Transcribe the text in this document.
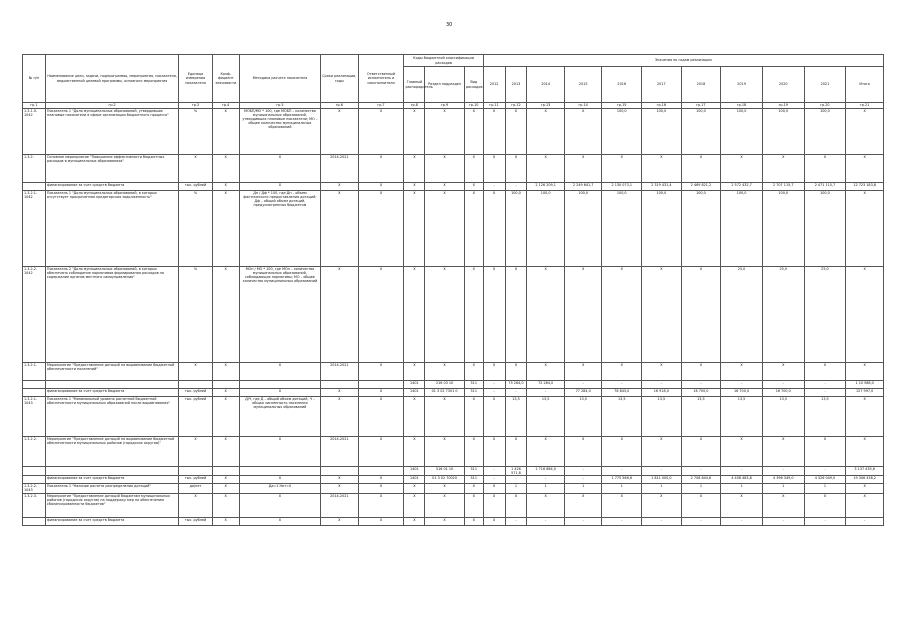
30
№ п/п	Наименование цели, задачи, подпрограммы, мероприятия, показателя, ведомственной целевой программы, основного мероприятия	Единица измерения показателя	Коэф-фициент значимости	Методика расчета показателя	Сроки реализации, годы	Ответственный исполнитель и соисполнители	Коды бюджетной классификации расходов			Значения по годам реализации										
							Главный распорядитель	Раздел подраздел	Вид расходов	2012	2013	2014	2015	2016	2017	2018	2019	2020	2021	Итого
гр.1	гр.2	гр.3	гр.4	гр.5	гр.6	гр.7	гр.8	гр.9	гр.10	гр.11	гр.12	гр.13	гр.14	гр.15	гр.16	гр.17	гр.18	гр.19	гр.20	гр.21
1.3.1.0-1042	Показатель 1 "Доля муниципальных образований, утвердивших плановые показатели в сфере организации бюджетного процесса"	%	X	МОБП/МО * 100, где МОБП – количество муниципальных образований, утвердивших плановые показатели; МО – общее количество муниципальных образований	X	X	X	X	X	X	X	X	X	100,0	100,0	100,0	100,0	100,0	100,0	X
1.3.2.	Основное мероприятие "Повышение эффективности бюджетных расходов в муниципальных образованиях"	X	X	X	2014-2021	X	X	X	X	X	X	X	X	X	X	X	X	X	X	X
	финансирование за счет средств бюджета	тыс. рублей	X	X	X	X	X	X	X	-	-	2 126 209,1	2 249 641,7	2 130 073,1	2 319 431,4	2 469 821,2	2 572 432,7	2 707 115,7	2 471 115,7	12 723 183,8
1.3.2.1-1042	Показатель 1 "Доля муниципальных образований, в которых отсутствует просроченная кредиторская задолженность"	%	X	Дп / Дф * 100, где Дп – объем фактического предоставления дотаций; Дф – общий объем дотаций, предусмотренных бюджетом	X	X	X	X	X	X	100,0	100,0	100,0	100,0	100,0	100,0	100,0	100,0	100,0	X
1.3.2.2-1042	Показатель 2 "Доля муниципальных образований, в которых обеспечено соблюдение нормативов формирования расходов на содержание органов местного самоуправления"	%	X	МОн / МО * 100, где МОн – количество муниципальных образований, соблюдающих нормативы; МО – общее количество муниципальных образований	X	X	X	X	X	X	X	X	X	X	X	X	25,0	25,0	25,0	X
1.3.2.1.	Мероприятие "Предоставление дотаций на выравнивание бюджетной обеспеченности поселений"	X	X	X	2014-2021	X	X	X	X	X	X	X	X	X	X	X	X	X	X	X
							1401	216 03 10	511	-	75 284,0	72 284,0	-	-	-	-	-	-	-	1 10 568,0
	финансирование за счет средств бюджета	тыс. рублей	X	X	X	X	1401	01 3 02 7301 0	511	-	-	-	77 284,0	78 843,0	16 918,0	16 700,0	16 700,0	16 700,0	-	127 997,0
1.3.2.1-1043	Показатель 1 "Минимальный уровень расчетной бюджетной обеспеченности муниципальных образований после выравнивания"	тыс. рублей	X	Д/Ч, где Д – общий объем дотаций, Ч – общая численность населения муниципальных образований	X	X	X	X	X	X	13,5	13,5	13,5	13,5	13,5	13,5	13,5	13,5	13,5	X
1.3.2.2.	Мероприятие "Предоставление дотаций на выравнивание бюджетной обеспеченности муниципальных районов (городских округов)"	X	X	X	2014-2021	X	X	X	X	X	X	X	X	X	X	X	X	X	X	X
							1401	516 01 10	511	-	1 426 571,8	1 716 864,0	-	-	-	-	-	-	-	3 137 435,8
	финансирование за счет средств бюджета	тыс. рублей	X	X	X	X	1401	01 3 02 70020	511	-	-	-	-	1 775 566,6	1 811 000,0	2 708 644,6	4 458 483,8	4 396 349,0	4 326 049,0	19 306 438,2
1.3.2.2-1043	Показатель 1 "Наличие расчета распределения дотаций"	да/нет	X	Да=1 Нет=0	X	X	X	X	X	X	1	1	1	1	1	1	1	1	1	X
1.3.2.3.	Мероприятие "Предоставление дотаций бюджетам муниципальных районов (городских округов) на поддержку мер по обеспечению сбалансированности бюджетов"	X	X	X	2014-2021	X	X	X	X	X	X	X	X	X	X	X	X	X	X	X
	финансирование за счет средств бюджета	тыс. рублей	X	X	X	X	X	X	X	X	-	-	-	-	-	-	-	-	-	-
